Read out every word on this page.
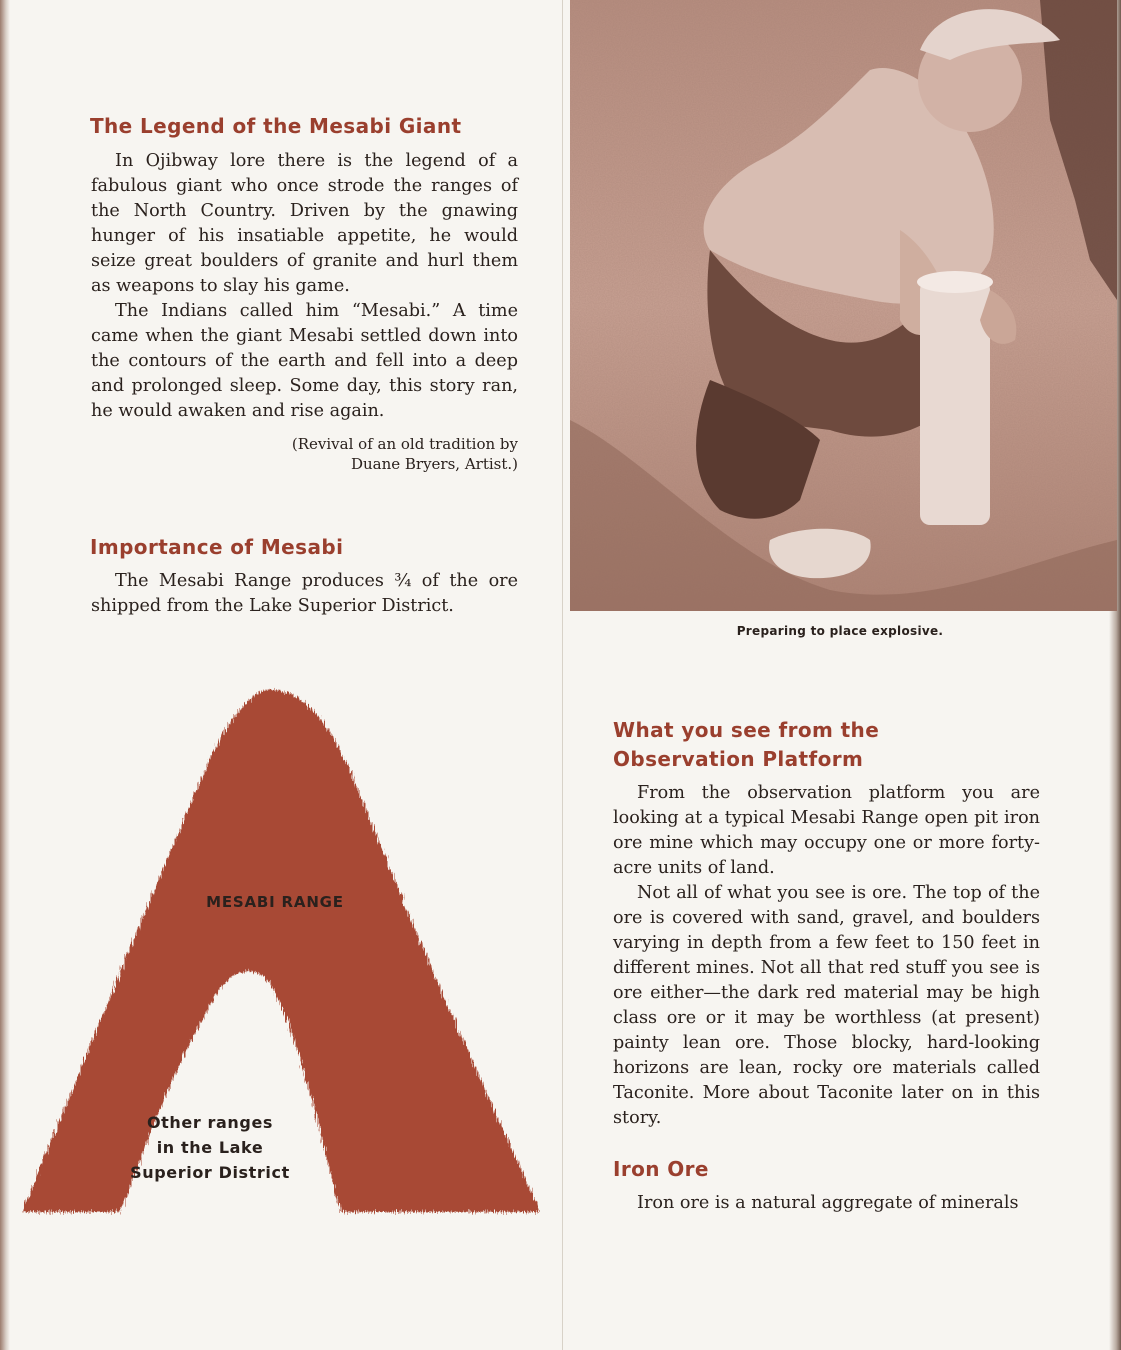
The Legend of the Mesabi Giant

In Ojibway lore there is the legend of a fabulous giant who once strode the ranges of the North Country. Driven by the gnawing hunger of his insatiable appetite, he would seize great boulders of granite and hurl them as weapons to slay his game.

The Indians called him “Mesabi.” A time came when the giant Mesabi settled down into the contours of the earth and fell into a deep and prolonged sleep. Some day, this story ran, he would awaken and rise again.

(Revival of an old tradition by
Duane Bryers, Artist.)

Importance of Mesabi

The Mesabi Range produces ¾ of the ore shipped from the Lake Superior District.

MESABI RANGE
Other ranges
in the Lake
Superior District

Preparing to place explosive.

What you see from the
Observation Platform

From the observation platform you are looking at a typical Mesabi Range open pit iron ore mine which may occupy one or more forty-acre units of land.

Not all of what you see is ore. The top of the ore is covered with sand, gravel, and boulders varying in depth from a few feet to 150 feet in different mines. Not all that red stuff you see is ore either—the dark red material may be high class ore or it may be worthless (at present) painty lean ore. Those blocky, hard-looking horizons are lean, rocky ore materials called Taconite. More about Taconite later on in this story.

Iron Ore

Iron ore is a natural aggregate of minerals
